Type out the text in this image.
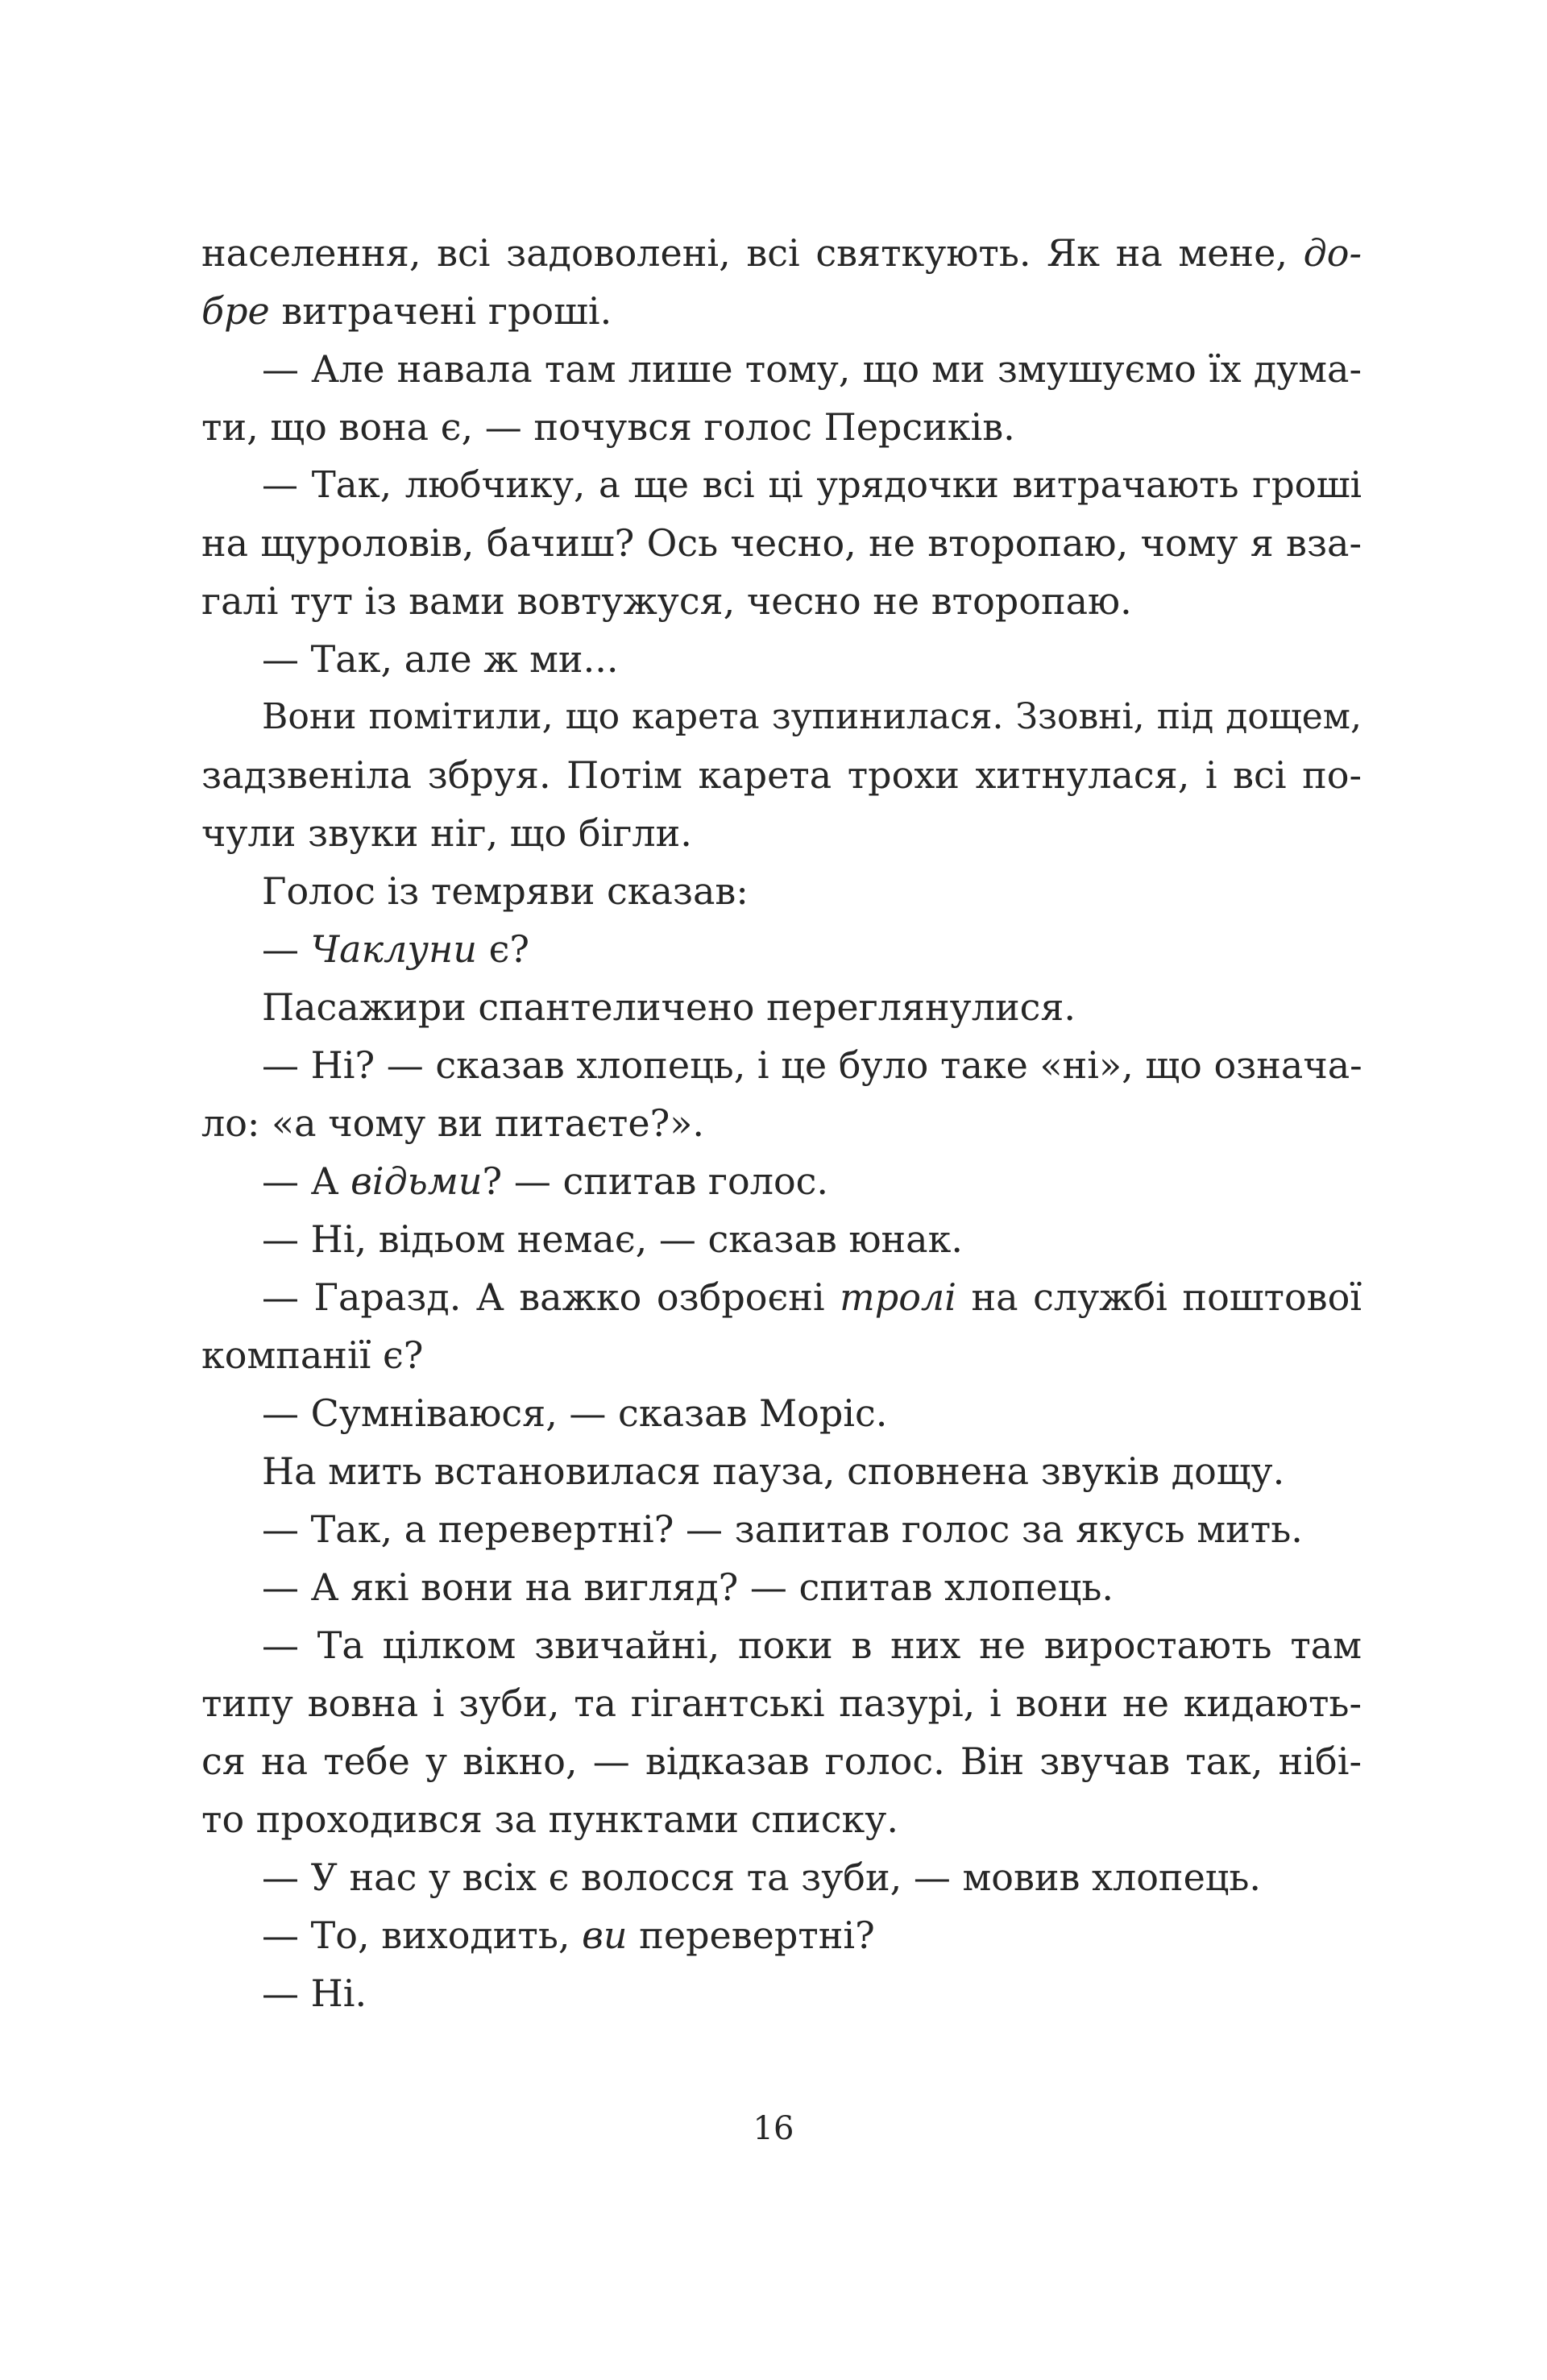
населення, всі задоволені, всі святкують. Як на мене, до-
бре витрачені гроші.
— Але навала там лише тому, що ми змушуємо їх дума-
ти, що вона є, — почувся голос Персиків.
— Так, любчику, а ще всі ці урядочки витрачають гроші
на щуроловів, бачиш? Ось чесно, не второпаю, чому я вза-
галі тут із вами вовтужуся, чесно не второпаю.
— Так, але ж ми...
Вони помітили, що карета зупинилася. Ззовні, під дощем,
задзвеніла збруя. Потім карета трохи хитнулася, і всі по-
чули звуки ніг, що бігли.
Голос із темряви сказав:
— Чаклуни є?
Пасажири спантеличено переглянулися.
— Ні? — сказав хлопець, і це було таке «ні», що означа-
ло: «а чому ви питаєте?».
— А відьми? — спитав голос.
— Ні, відьом немає, — сказав юнак.
— Гаразд. А важко озброєні тролі на службі поштової
компанії є?
— Сумніваюся, — сказав Моріс.
На мить встановилася пауза, сповнена звуків дощу.
— Так, а перевертні? — запитав голос за якусь мить.
— А які вони на вигляд? — спитав хлопець.
— Та цілком звичайні, поки в них не виростають там
типу вовна і зуби, та гігантські пазурі, і вони не кидають-
ся на тебе у вікно, — відказав голос. Він звучав так, нібі-
то проходився за пунктами списку.
— У нас у всіх є волосся та зуби, — мовив хлопець.
— То, виходить, ви перевертні?
— Ні.
16
